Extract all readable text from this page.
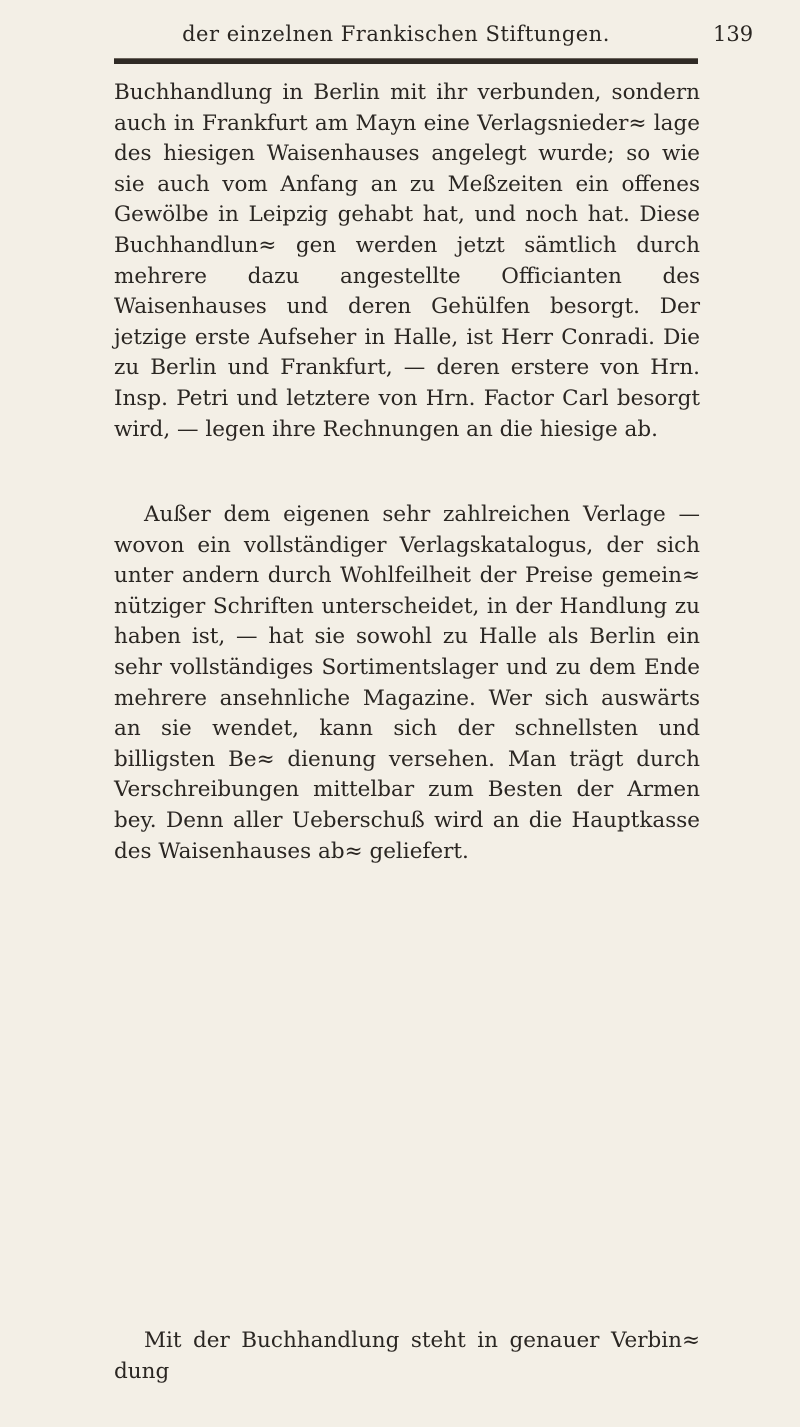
der einzelnen Frankischen Stiftungen.	139

Buchhandlung in Berlin mit ihr verbunden, sondern auch in Frankfurt am Mayn eine Verlagsnieder≈ lage des hiesigen Waisenhauses angelegt wurde; so wie sie auch vom Anfang an zu Meßzeiten ein offenes Gewölbe in Leipzig gehabt hat, und noch hat. Diese Buchhandlun≈ gen werden jetzt sämtlich durch mehrere dazu angestellte Officianten des Waisenhauses und deren Gehülfen besorgt. Der jetzige erste Aufseher in Halle, ist Herr Conradi. Die zu Berlin und Frankfurt, — deren erstere von Hrn. Insp. Petri und letztere von Hrn. Factor Carl besorgt wird, — legen ihre Rechnungen an die hiesige ab.

Außer dem eigenen sehr zahlreichen Verlage — wovon ein vollständiger Verlagskatalogus, der sich unter andern durch Wohlfeilheit der Preise gemein≈ nütziger Schriften unterscheidet, in der Handlung zu haben ist, — hat sie sowohl zu Halle als Berlin ein sehr vollständiges Sortimentslager und zu dem Ende mehrere ansehnliche Magazine. Wer sich auswärts an sie wendet, kann sich der schnellsten und billigsten Be≈ dienung versehen. Man trägt durch Verschreibungen mittelbar zum Besten der Armen bey. Denn aller Ueberschuß wird an die Hauptkasse des Waisenhauses ab≈ geliefert.

Mit der Buchhandlung steht in genauer Verbin≈ dung
